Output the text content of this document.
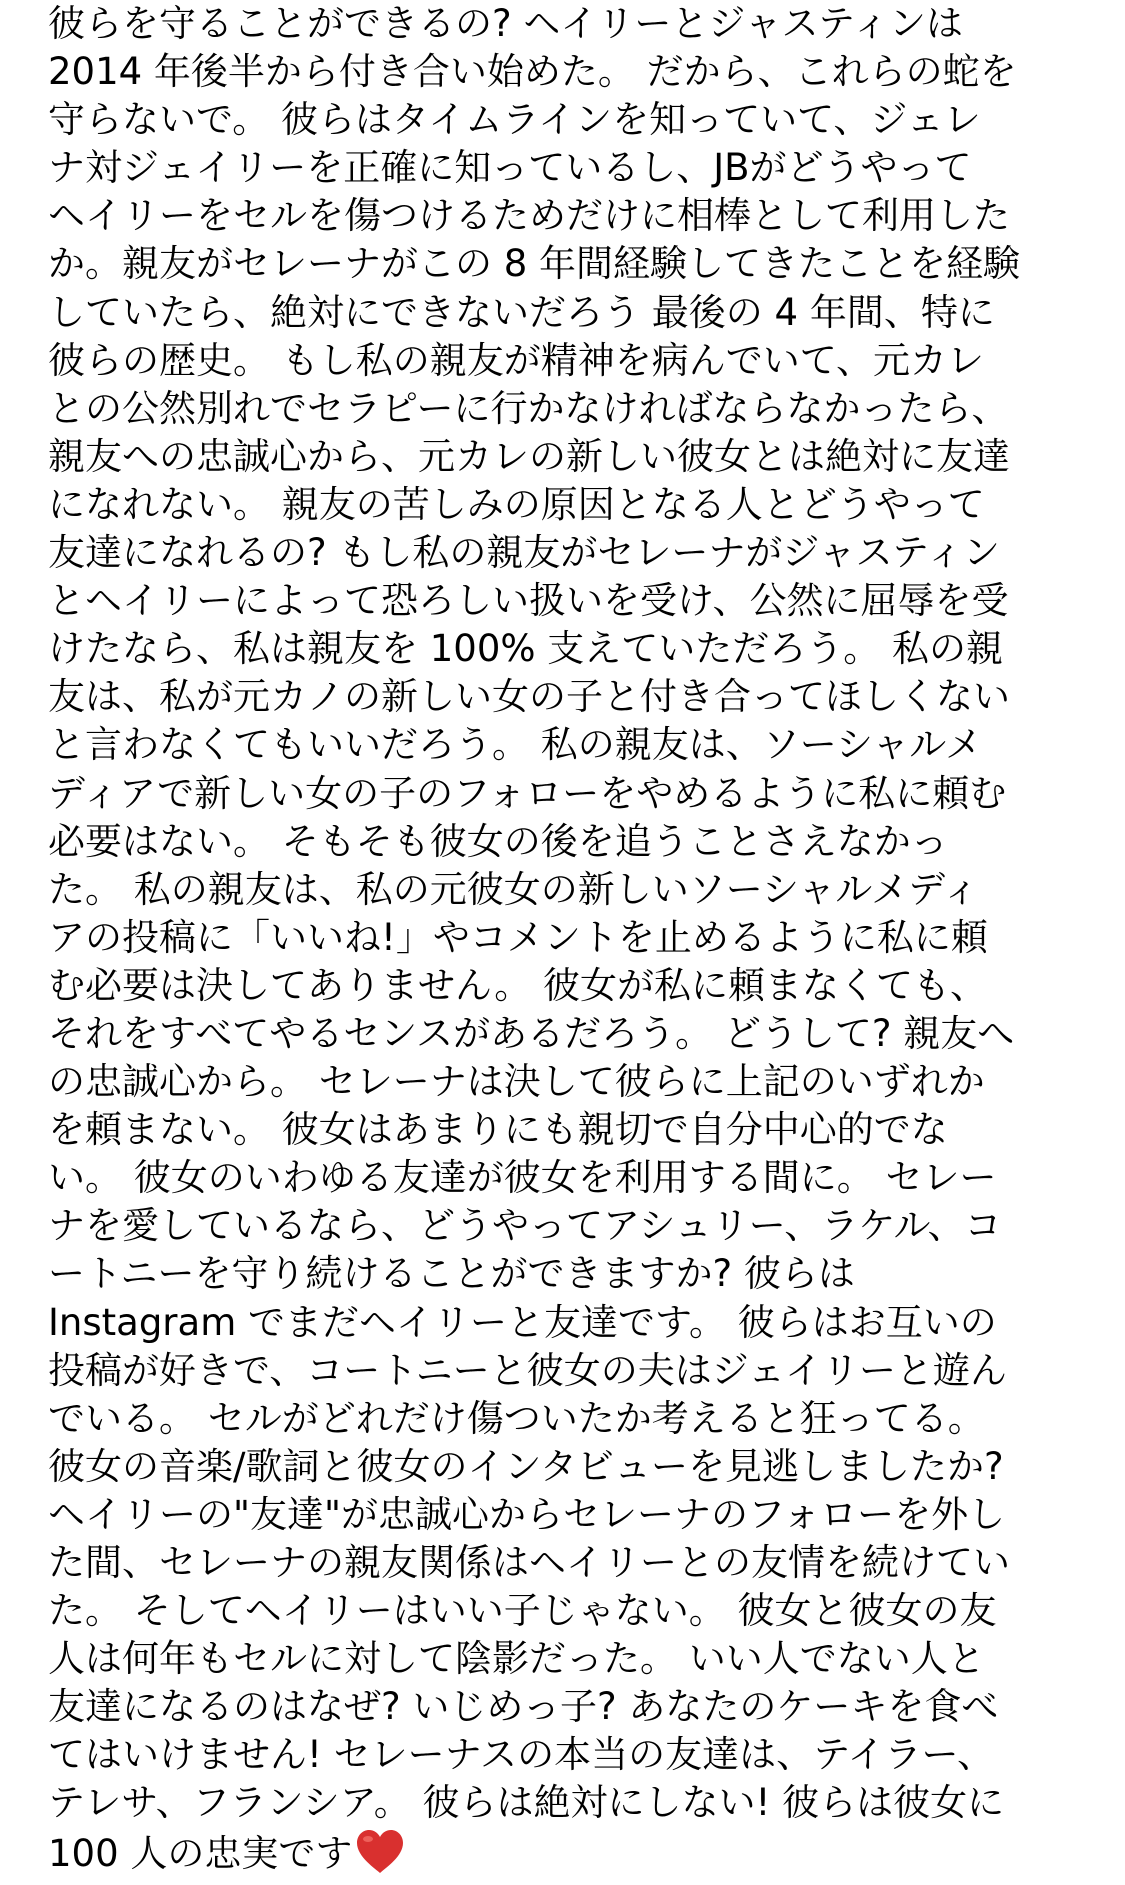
彼らを守ることができるの? ヘイリーとジャスティンは
2014 年後半から付き合い始めた。 だから、これらの蛇を
守らないで。 彼らはタイムラインを知っていて、ジェレ
ナ対ジェイリーを正確に知っているし、JBがどうやって
ヘイリーをセルを傷つけるためだけに相棒として利用した
か。親友がセレーナがこの 8 年間経験してきたことを経験
していたら、絶対にできないだろう 最後の 4 年間、特に
彼らの歴史。 もし私の親友が精神を病んでいて、元カレ
との公然別れでセラピーに行かなければならなかったら、
親友への忠誠心から、元カレの新しい彼女とは絶対に友達
になれない。 親友の苦しみの原因となる人とどうやって
友達になれるの? もし私の親友がセレーナがジャスティン
とヘイリーによって恐ろしい扱いを受け、公然に屈辱を受
けたなら、私は親友を 100% 支えていただろう。 私の親
友は、私が元カノの新しい女の子と付き合ってほしくない
と言わなくてもいいだろう。 私の親友は、ソーシャルメ
ディアで新しい女の子のフォローをやめるように私に頼む
必要はない。 そもそも彼女の後を追うことさえなかっ
た。 私の親友は、私の元彼女の新しいソーシャルメディ
アの投稿に「いいね!」やコメントを止めるように私に頼
む必要は決してありません。 彼女が私に頼まなくても、
それをすべてやるセンスがあるだろう。 どうして? 親友へ
の忠誠心から。 セレーナは決して彼らに上記のいずれか
を頼まない。 彼女はあまりにも親切で自分中心的でな
い。 彼女のいわゆる友達が彼女を利用する間に。 セレー
ナを愛しているなら、どうやってアシュリー、ラケル、コ
ートニーを守り続けることができますか? 彼らは
Instagram でまだヘイリーと友達です。 彼らはお互いの
投稿が好きで、コートニーと彼女の夫はジェイリーと遊ん
でいる。 セルがどれだけ傷ついたか考えると狂ってる。
彼女の音楽/歌詞と彼女のインタビューを見逃しましたか?
ヘイリーの"友達"が忠誠心からセレーナのフォローを外し
た間、セレーナの親友関係はヘイリーとの友情を続けてい
た。 そしてヘイリーはいい子じゃない。 彼女と彼女の友
人は何年もセルに対して陰影だった。 いい人でない人と
友達になるのはなぜ? いじめっ子? あなたのケーキを食べ
てはいけません! セレーナスの本当の友達は、テイラー、
テレサ、フランシア。 彼らは絶対にしない! 彼らは彼女に
100 人の忠実です
